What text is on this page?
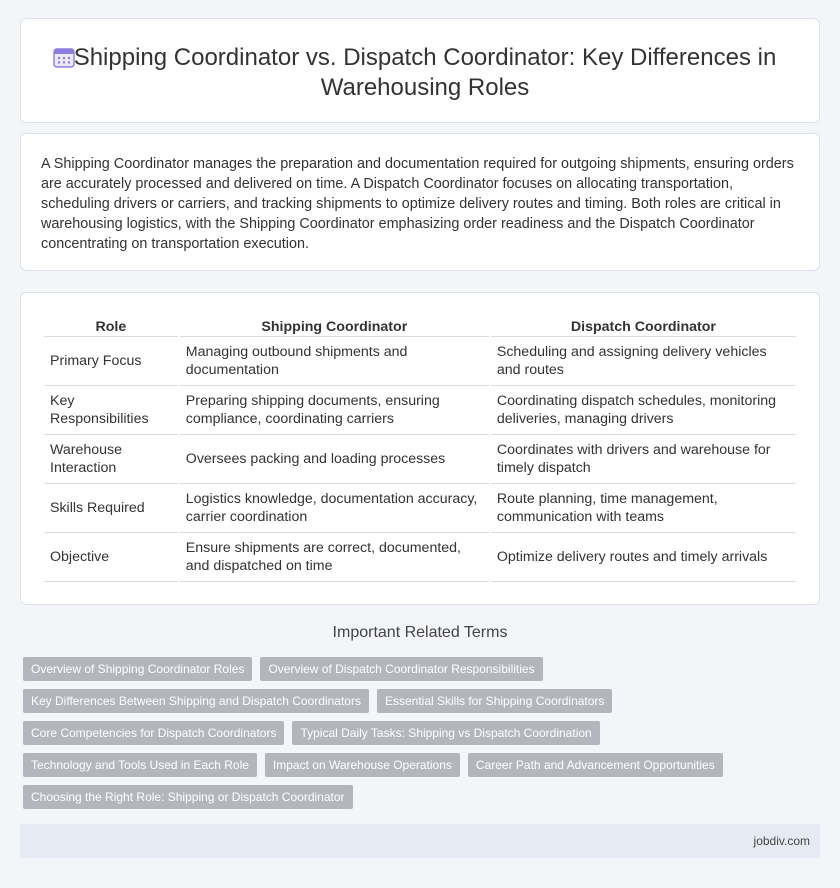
Shipping Coordinator vs. Dispatch Coordinator: Key Differences in Warehousing Roles

A Shipping Coordinator manages the preparation and documentation required for outgoing shipments, ensuring orders are accurately processed and delivered on time. A Dispatch Coordinator focuses on allocating transportation, scheduling drivers or carriers, and tracking shipments to optimize delivery routes and timing. Both roles are critical in warehousing logistics, with the Shipping Coordinator emphasizing order readiness and the Dispatch Coordinator concentrating on transportation execution.

Role	Shipping Coordinator	Dispatch Coordinator
Primary Focus	Managing outbound shipments and documentation	Scheduling and assigning delivery vehicles and routes
Key Responsibilities	Preparing shipping documents, ensuring compliance, coordinating carriers	Coordinating dispatch schedules, monitoring deliveries, managing drivers
Warehouse Interaction	Oversees packing and loading processes	Coordinates with drivers and warehouse for timely dispatch
Skills Required	Logistics knowledge, documentation accuracy, carrier coordination	Route planning, time management, communication with teams
Objective	Ensure shipments are correct, documented, and dispatched on time	Optimize delivery routes and timely arrivals
Important Related Terms
Overview of Shipping Coordinator Roles	Overview of Dispatch Coordinator Responsibilities
Key Differences Between Shipping and Dispatch Coordinators	Essential Skills for Shipping Coordinators
Core Competencies for Dispatch Coordinators	Typical Daily Tasks: Shipping vs Dispatch Coordination
Technology and Tools Used in Each Role	Impact on Warehouse Operations	Career Path and Advancement Opportunities
Choosing the Right Role: Shipping or Dispatch Coordinator
jobdiv.com
